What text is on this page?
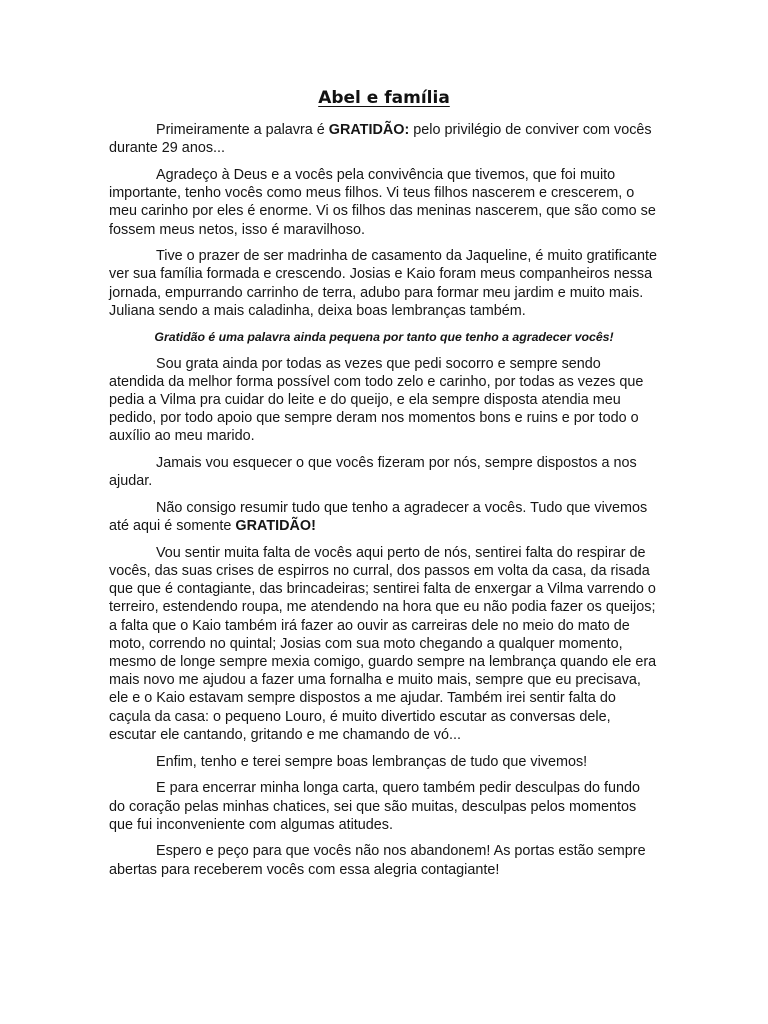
Abel e família

Primeiramente a palavra é GRATIDÃO: pelo privilégio de conviver com vocês durante 29 anos...

Agradeço à Deus e a vocês pela convivência que tivemos, que foi muito importante, tenho vocês como meus filhos. Vi teus filhos nascerem e crescerem, o meu carinho por eles é enorme. Vi os filhos das meninas nascerem, que são como se fossem meus netos, isso é maravilhoso.

Tive o prazer de ser madrinha de casamento da Jaqueline, é muito gratificante ver sua família formada e crescendo. Josias e Kaio foram meus companheiros nessa jornada, empurrando carrinho de terra, adubo para formar meu jardim e muito mais. Juliana sendo a mais caladinha, deixa boas lembranças também.

Gratidão é uma palavra ainda pequena por tanto que tenho a agradecer vocês!

Sou grata ainda por todas as vezes que pedi socorro e sempre sendo atendida da melhor forma possível com todo zelo e carinho, por todas as vezes que pedia a Vilma pra cuidar do leite e do queijo, e ela sempre disposta atendia meu pedido, por todo apoio que sempre deram nos momentos bons e ruins e por todo o auxílio ao meu marido.

Jamais vou esquecer o que vocês fizeram por nós, sempre dispostos a nos ajudar.

Não consigo resumir tudo que tenho a agradecer a vocês. Tudo que vivemos até aqui é somente GRATIDÃO!

Vou sentir muita falta de vocês aqui perto de nós, sentirei falta do respirar de vocês, das suas crises de espirros no curral, dos passos em volta da casa, da risada que que é contagiante, das brincadeiras; sentirei falta de enxergar a Vilma varrendo o terreiro, estendendo roupa, me atendendo na hora que eu não podia fazer os queijos; a falta que o Kaio também irá fazer ao ouvir as carreiras dele no meio do mato de moto, correndo no quintal; Josias com sua moto chegando a qualquer momento, mesmo de longe sempre mexia comigo, guardo sempre na lembrança quando ele era mais novo me ajudou a fazer uma fornalha e muito mais, sempre que eu precisava, ele e o Kaio estavam sempre dispostos a me ajudar. Também irei sentir falta do caçula da casa: o pequeno Louro, é muito divertido escutar as conversas dele, escutar ele cantando, gritando e me chamando de vó...

Enfim, tenho e terei sempre boas lembranças de tudo que vivemos!

E para encerrar minha longa carta, quero também pedir desculpas do fundo do coração pelas minhas chatices, sei que são muitas, desculpas pelos momentos que fui inconveniente com algumas atitudes.

Espero e peço para que vocês não nos abandonem! As portas estão sempre abertas para receberem vocês com essa alegria contagiante!
